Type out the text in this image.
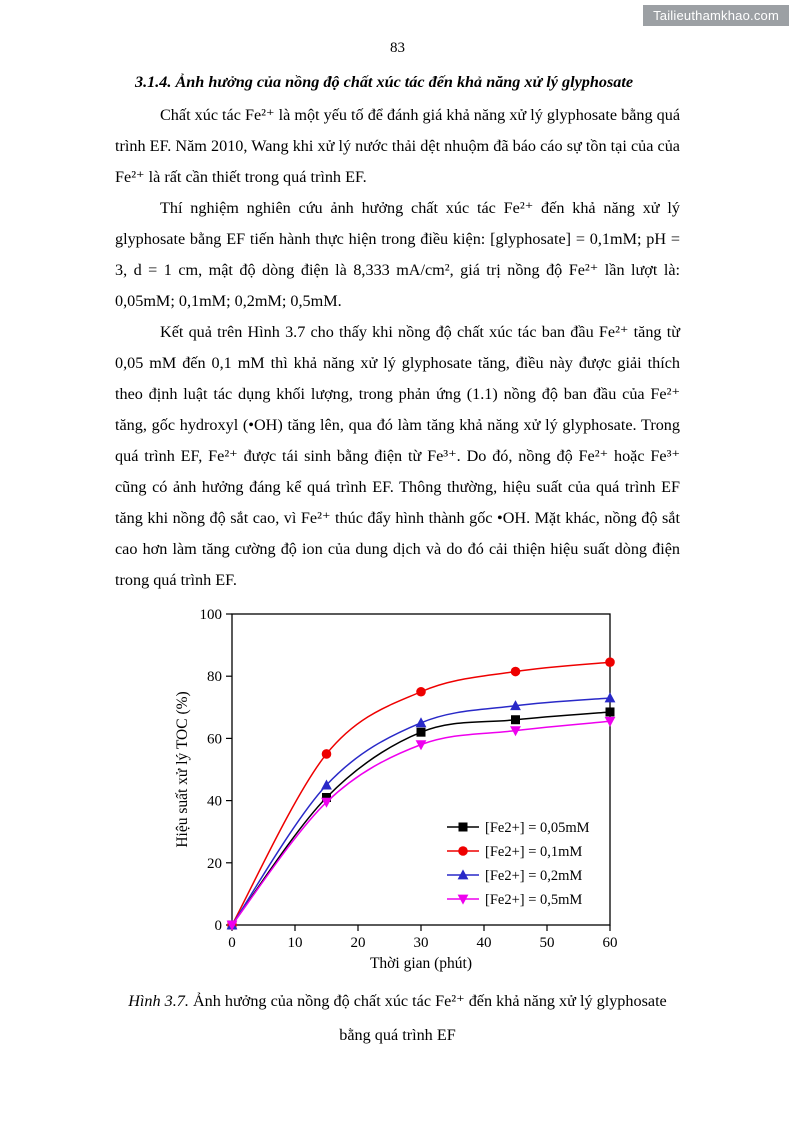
Tailieuthamkhao.com
83
3.1.4. Ảnh hưởng của nồng độ chất xúc tác đến khả năng xử lý glyphosate

Chất xúc tác Fe²⁺ là một yếu tố để đánh giá khả năng xử lý glyphosate bằng quá trình EF. Năm 2010, Wang khi xử lý nước thải dệt nhuộm đã báo cáo sự tồn tại của của Fe²⁺ là rất cần thiết trong quá trình EF.

Thí nghiệm nghiên cứu ảnh hưởng chất xúc tác Fe²⁺ đến khả năng xử lý glyphosate bằng EF tiến hành thực hiện trong điều kiện: [glyphosate] = 0,1mM; pH = 3, d = 1 cm, mật độ dòng điện là 8,333 mA/cm², giá trị nồng độ Fe²⁺ lần lượt là: 0,05mM; 0,1mM; 0,2mM; 0,5mM.

Kết quả trên Hình 3.7 cho thấy khi nồng độ chất xúc tác ban đầu Fe²⁺ tăng từ 0,05 mM đến 0,1 mM thì khả năng xử lý glyphosate tăng, điều này được giải thích theo định luật tác dụng khối lượng, trong phản ứng (1.1) nồng độ ban đầu của Fe²⁺ tăng, gốc hydroxyl (•OH) tăng lên, qua đó làm tăng khả năng xử lý glyphosate. Trong quá trình EF, Fe²⁺ được tái sinh bằng điện từ Fe³⁺. Do đó, nồng độ Fe²⁺ hoặc Fe³⁺ cũng có ảnh hưởng đáng kể quá trình EF. Thông thường, hiệu suất của quá trình EF tăng khi nồng độ sắt cao, vì Fe²⁺ thúc đẩy hình thành gốc •OH. Mặt khác, nồng độ sắt cao hơn làm tăng cường độ ion của dung dịch và do đó cải thiện hiệu suất dòng điện trong quá trình EF.

0
20
40
60
80
100
0	10	20	30	40	50	60
Thời gian (phút)
Hiệu suất xử lý TOC (%)	[Fe2+] = 0,05mM
[Fe2+] = 0,1mM
[Fe2+] = 0,2mM
[Fe2+] = 0,5mM
Hình 3.7. Ảnh hưởng của nồng độ chất xúc tác Fe²⁺ đến khả năng xử lý glyphosate
bằng quá trình EF
